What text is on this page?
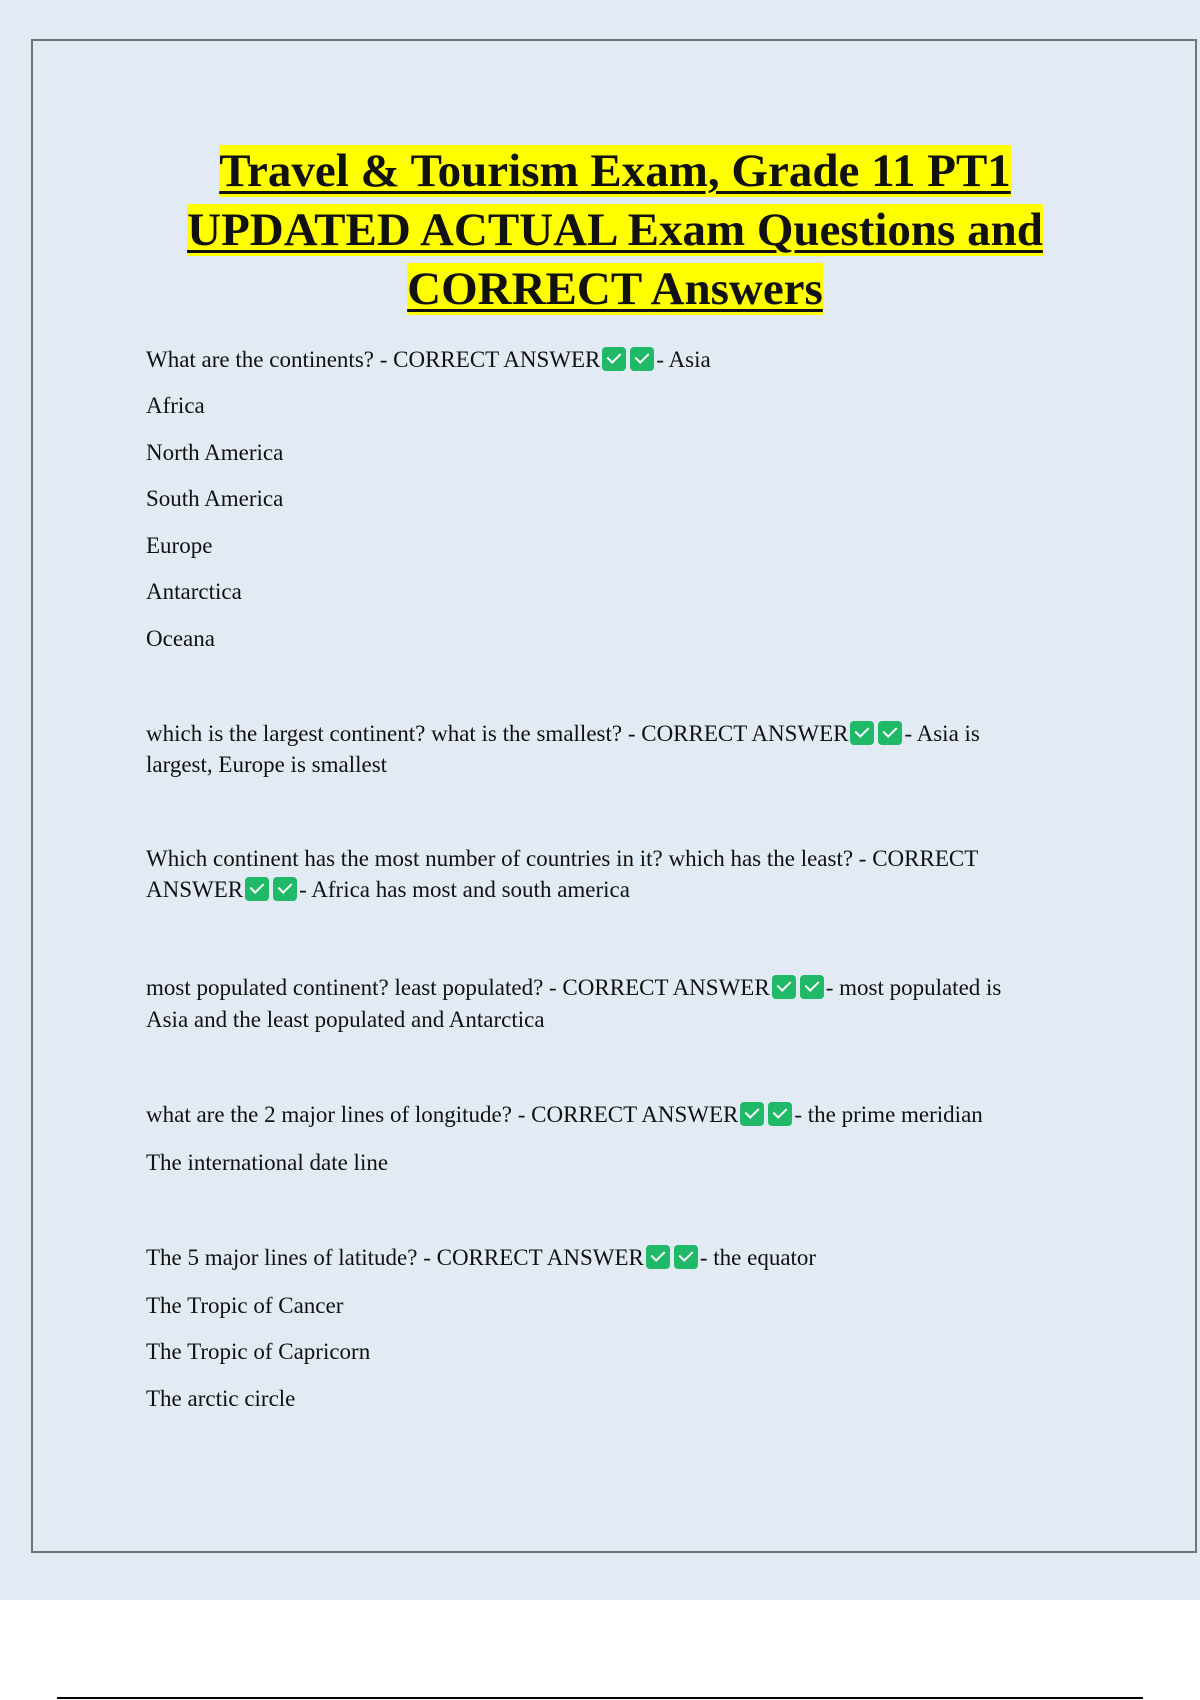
Travel & Tourism Exam, Grade 11 PT1
UPDATED ACTUAL Exam Questions and
CORRECT Answers
What are the continents? - CORRECT ANSWER - Asia
Africa
North America
South America
Europe
Antarctica
Oceana
which is the largest continent? what is the smallest? - CORRECT ANSWER - Asia is
largest, Europe is smallest
Which continent has the most number of countries in it? which has the least? - CORRECT
ANSWER - Africa has most and south america
most populated continent? least populated? - CORRECT ANSWER - most populated is
Asia and the least populated and Antarctica
what are the 2 major lines of longitude? - CORRECT ANSWER - the prime meridian
The international date line
The 5 major lines of latitude? - CORRECT ANSWER - the equator
The Tropic of Cancer
The Tropic of Capricorn
The arctic circle
